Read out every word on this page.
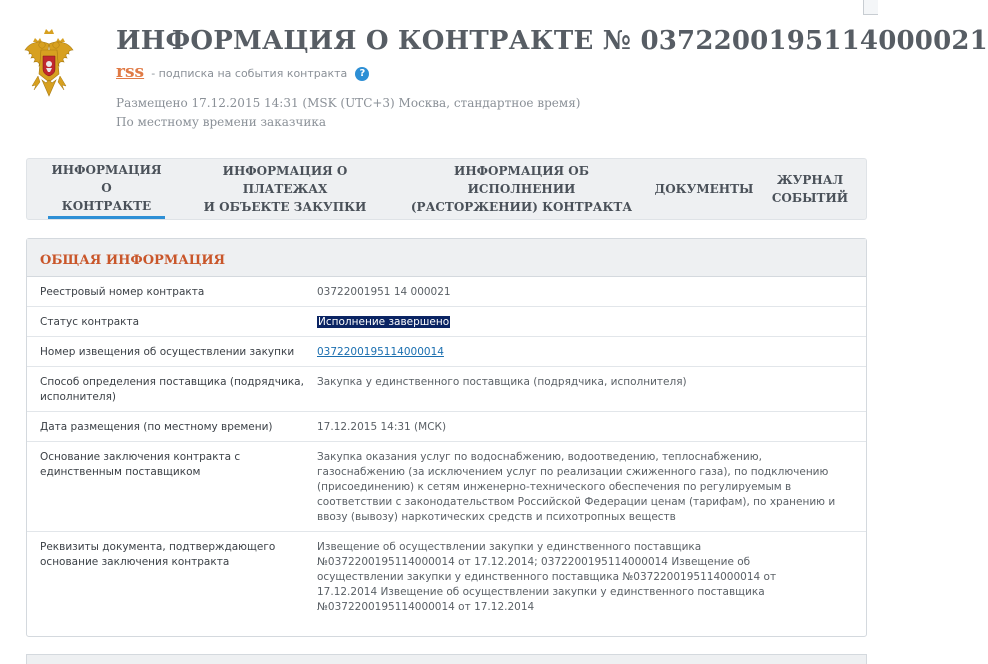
ИНФОРМАЦИЯ О КОНТРАКТЕ № 0372200195114000021
rss - подписка на события контракта ?
Размещено 17.12.2015 14:31 (MSK (UTC+3) Москва, стандартное время)
По местному времени заказчика
ИНФОРМАЦИЯ О
КОНТРАКТЕ
ИНФОРМАЦИЯ О ПЛАТЕЖАХ
И ОБЪЕКТЕ ЗАКУПКИ
ИНФОРМАЦИЯ ОБ ИСПОЛНЕНИИ
(РАСТОРЖЕНИИ) КОНТРАКТА
ДОКУМЕНТЫ
ЖУРНАЛ
СОБЫТИЙ
ОБЩАЯ ИНФОРМАЦИЯ
Реестровый номер контракта	03722001951 14 000021
Статус контракта	Исполнение завершено
Номер извещения об осуществлении закупки	0372200195114000014
Способ определения поставщика (подрядчика, исполнителя)	Закупка у единственного поставщика (подрядчика, исполнителя)
Дата размещения (по местному времени)	17.12.2015 14:31 (МСК)
Основание заключения контракта с единственным поставщиком	Закупка оказания услуг по водоснабжению, водоотведению, теплоснабжению, газоснабжению (за исключением услуг по реализации сжиженного газа), по подключению (присоединению) к сетям инженерно-технического обеспечения по регулируемым в соответствии с законодательством Российской Федерации ценам (тарифам), по хранению и ввозу (вывозу) наркотических средств и психотропных веществ
Реквизиты документа, подтверждающего основание заключения контракта	Извещение об осуществлении закупки у единственного поставщика №0372200195114000014 от 17.12.2014; 0372200195114000014 Извещение об осуществлении закупки у единственного поставщика №0372200195114000014 от 17.12.2014 Извещение об осуществлении закупки у единственного поставщика №0372200195114000014 от 17.12.2014
